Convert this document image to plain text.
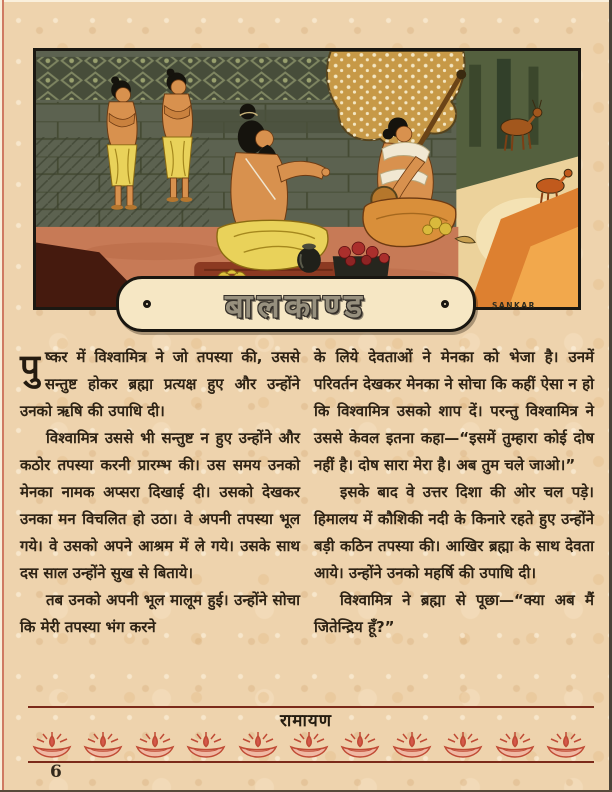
SANKAR
बालकाण्ड

पुष्कर में विश्वामित्र ने जो तपस्या की, उससे सन्तुष्ट होकर ब्रह्मा प्रत्यक्ष हुए और उन्होंने उनको ऋषि की उपाधि दी।

विश्वामित्र उससे भी सन्तुष्ट न हुए उन्होंने और कठोर तपस्या करनी प्रारम्भ की। उस समय उनको मेनका नामक अप्सरा दिखाई दी। उसको देखकर उनका मन विचलित हो उठा। वे अपनी तपस्या भूल गये। वे उसको अपने आश्रम में ले गये। उसके साथ दस साल उन्होंने सुख से बिताये।

तब उनको अपनी भूल मालूम हुई। उन्होंने सोचा कि मेरी तपस्या भंग करने

के लिये देवताओं ने मेनका को भेजा है। उनमें परिवर्तन देखकर मेनका ने सोचा कि कहीं ऐसा न हो कि विश्वामित्र उसको शाप दें। परन्तु विश्वामित्र ने उससे केवल इतना कहा—“इसमें तुम्हारा कोई दोष नहीं है। दोष सारा मेरा है। अब तुम चले जाओ।”

इसके बाद वे उत्तर दिशा की ओर चल पड़े। हिमालय में कौशिकी नदी के किनारे रहते हुए उन्होंने बड़ी कठिन तपस्या की। आखिर ब्रह्मा के साथ देवता आये। उन्होंने उनको महर्षि की उपाधि दी।

विश्वामित्र ने ब्रह्मा से पूछा—“क्या अब मैं जितेन्द्रिय हूँ?”

रामायण
6
